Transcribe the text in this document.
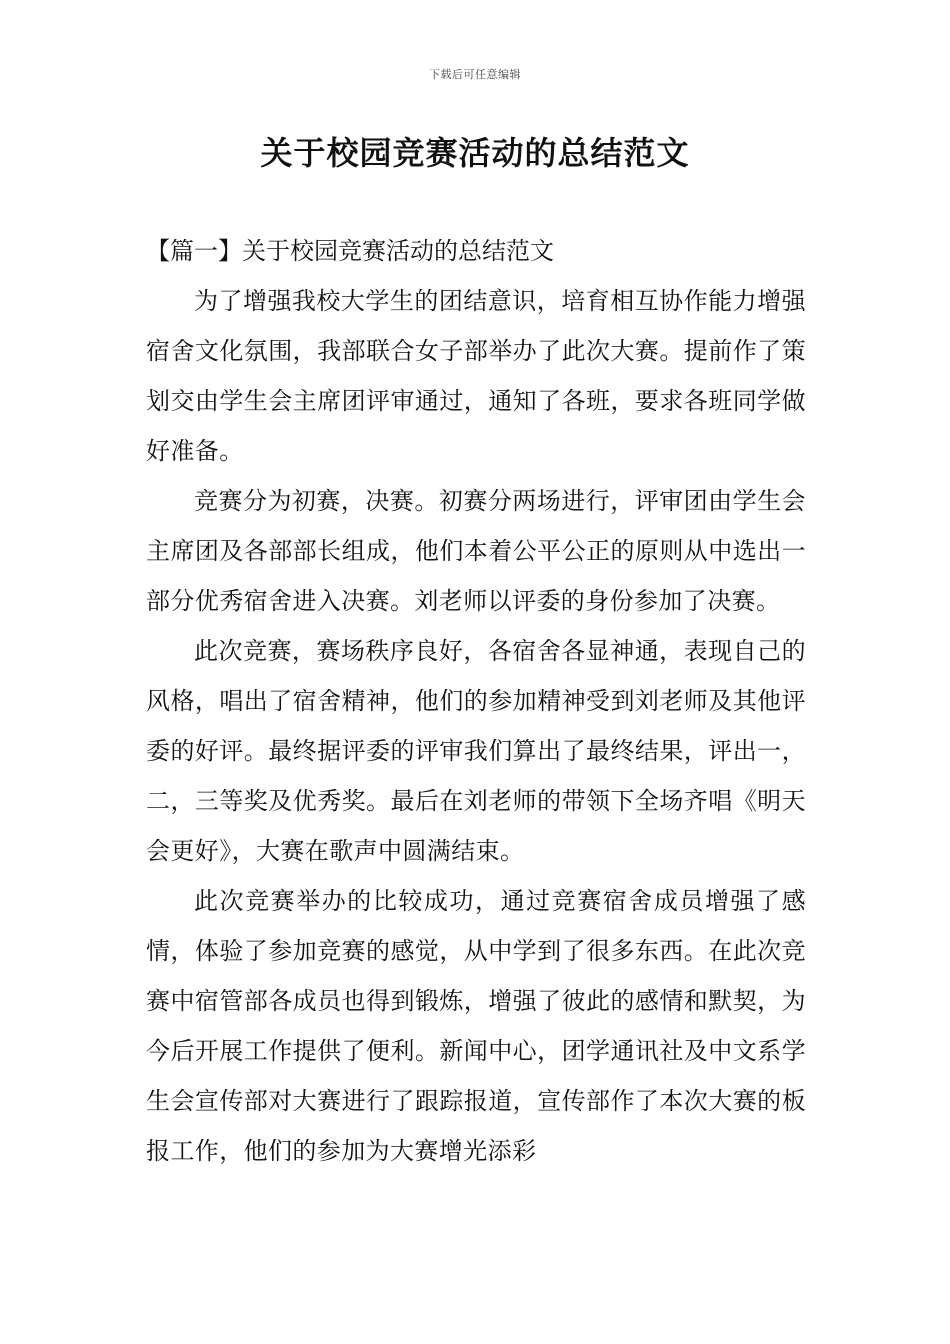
下载后可任意编辑
关于校园竞赛活动的总结范文

【篇一】关于校园竞赛活动的总结范文

为了增强我校大学生的团结意识，培育相互协作能力增强宿舍文化氛围，我部联合女子部举办了此次大赛。提前作了策划交由学生会主席团评审通过，通知了各班，要求各班同学做好准备。

竞赛分为初赛，决赛。初赛分两场进行，评审团由学生会主席团及各部部长组成，他们本着公平公正的原则从中选出一部分优秀宿舍进入决赛。刘老师以评委的身份参加了决赛。

此次竞赛，赛场秩序良好，各宿舍各显神通，表现自己的风格，唱出了宿舍精神，他们的参加精神受到刘老师及其他评委的好评。最终据评委的评审我们算出了最终结果，评出一，二，三等奖及优秀奖。最后在刘老师的带领下全场齐唱《明天会更好》，大赛在歌声中圆满结束。

此次竞赛举办的比较成功，通过竞赛宿舍成员增强了感情，体验了参加竞赛的感觉，从中学到了很多东西。在此次竞赛中宿管部各成员也得到锻炼，增强了彼此的感情和默契，为今后开展工作提供了便利。新闻中心，团学通讯社及中文系学生会宣传部对大赛进行了跟踪报道，宣传部作了本次大赛的板报工作，他们的参加为大赛增光添彩
